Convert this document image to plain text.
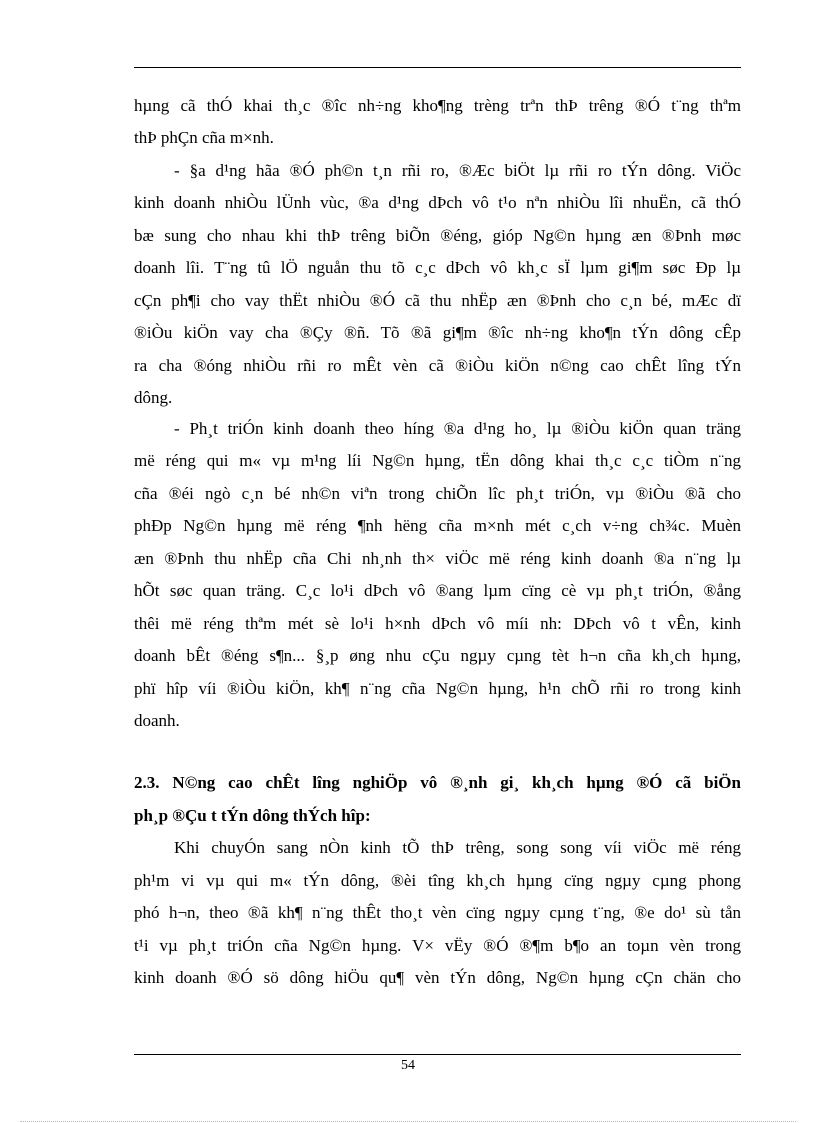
hµng cã thÓ khai th¸c ®îc nh÷ng kho¶ng trèng trªn thÞ trêng ®Ó t¨ng thªm
thÞ phÇn cña m×nh.
- §a d¹ng hãa ®Ó ph©n t¸n rñi ro, ®Æc biÖt lµ rñi ro tÝn dông. ViÖc
kinh doanh nhiÒu lÜnh vùc, ®a d¹ng dÞch vô t¹o nªn nhiÒu lîi nhuËn, cã thÓ
bæ sung cho nhau khi thÞ trêng biÕn ®éng, gióp Ng©n hµng æn ®Þnh møc
doanh lîi. T¨ng tû lÖ nguån thu tõ c¸c dÞch vô kh¸c sÏ lµm gi¶m søc Ðp lµ
cÇn ph¶i cho vay thËt nhiÒu ®Ó cã thu nhËp æn ®Þnh cho c¸n bé, mÆc dï
®iÒu kiÖn vay cha ®Çy ®ñ. Tõ ®ã gi¶m ®îc nh÷ng kho¶n tÝn dông cÊp
ra cha ®óng nhiÒu rñi ro mÊt vèn cã ®iÒu kiÖn n©ng cao chÊt lîng tÝn
dông.
- Ph¸t triÓn kinh doanh theo híng ®a d¹ng ho¸ lµ ®iÒu kiÖn quan träng
më réng qui m« vµ m¹ng líi Ng©n hµng, tËn dông khai th¸c c¸c tiÒm n¨ng
cña ®éi ngò c¸n bé nh©n viªn trong chiÕn lîc ph¸t triÓn, vµ ®iÒu ®ã cho
phÐp Ng©n hµng më réng ¶nh hëng cña m×nh mét c¸ch v÷ng ch¾c. Muèn
æn ®Þnh thu nhËp cña Chi nh¸nh th× viÖc më réng kinh doanh ®a n¨ng lµ
hÕt søc quan träng. C¸c lo¹i dÞch vô ®ang lµm cïng cè vµ ph¸t triÓn, ®ång
thêi më réng thªm mét sè lo¹i h×nh dÞch vô míi nh: DÞch vô t vÊn, kinh
doanh bÊt ®éng s¶n... §¸p øng nhu cÇu ngµy cµng tèt h¬n cña kh¸ch hµng,
phï hîp víi ®iÒu kiÖn, kh¶ n¨ng cña Ng©n hµng, h¹n chÕ rñi ro trong kinh
doanh.
2.3. N©ng cao chÊt lîng nghiÖp vô ®¸nh gi¸ kh¸ch hµng ®Ó cã biÖn
ph¸p ®Çu t tÝn dông thÝch hîp:
Khi chuyÓn sang nÒn kinh tÕ thÞ trêng, song song víi viÖc më réng
ph¹m vi vµ qui m« tÝn dông, ®èi tîng kh¸ch hµng cïng ngµy cµng phong
phó h¬n, theo ®ã kh¶ n¨ng thÊt tho¸t vèn cïng ngµy cµng t¨ng, ®e do¹ sù tån
t¹i vµ ph¸t triÓn cña Ng©n hµng. V× vËy ®Ó ®¶m b¶o an toµn vèn trong
kinh doanh ®Ó sö dông hiÖu qu¶ vèn tÝn dông, Ng©n hµng cÇn chän cho
54
